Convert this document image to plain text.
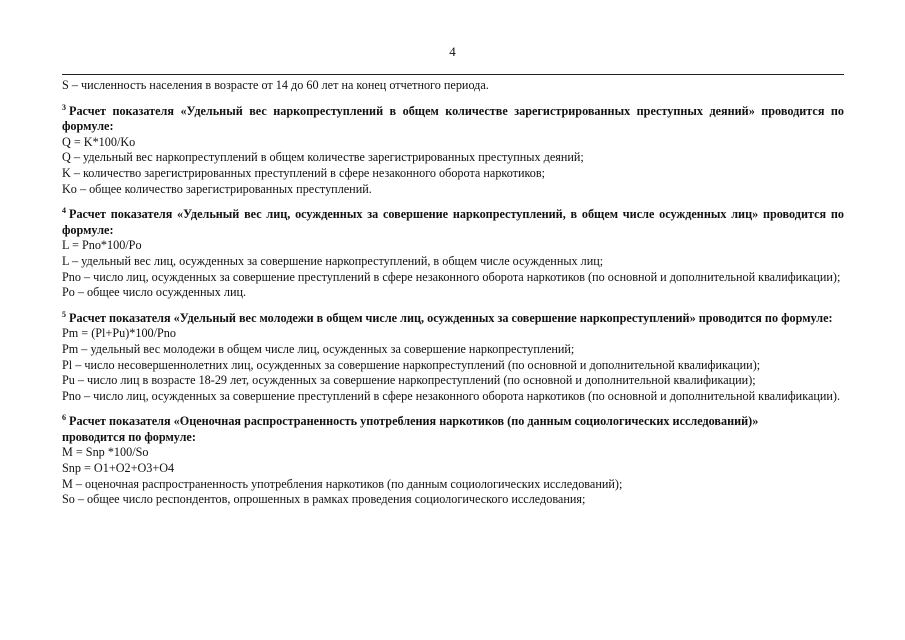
4

S – численность населения в возрасте от 14 до 60 лет на конец отчетного периода.

$^3$ Расчет показателя «Удельный вес наркопреступлений в общем количестве зарегистрированных преступных деяний» проводится по формуле:

Q = K*100/Ko

Q – удельный вес наркопреступлений в общем количестве зарегистрированных преступных деяний;

K – количество зарегистрированных преступлений в сфере незаконного оборота наркотиков;

Ko – общее количество зарегистрированных преступлений.

$^4$ Расчет показателя «Удельный вес лиц, осужденных за совершение наркопреступлений, в общем числе осужденных лиц» проводится по формуле:

L = Pno*100/Po

L – удельный вес лиц, осужденных за совершение наркопреступлений, в общем числе осужденных лиц;

Pno – число лиц, осужденных за совершение преступлений в сфере незаконного оборота наркотиков (по основной и дополнительной квалификации);

Po – общее число осужденных лиц.

$^5$ Расчет показателя «Удельный вес молодежи в общем числе лиц, осужденных за совершение наркопреступлений» проводится по формуле:

Pm = (Pl+Pu)*100/Pno

Pm – удельный вес молодежи в общем числе лиц, осужденных за совершение наркопреступлений;

Pl – число несовершеннолетних лиц, осужденных за совершение наркопреступлений (по основной и дополнительной квалификации);

Pu – число лиц в возрасте 18-29 лет, осужденных за совершение наркопреступлений (по основной и дополнительной квалификации);

Pno – число лиц, осужденных за совершение преступлений в сфере незаконного оборота наркотиков (по основной и дополнительной квалификации).

$^6$ Расчет показателя «Оценочная распространенность употребления наркотиков (по данным социологических исследований)»

проводится по формуле:

M = Snp *100/So

Snp = O1+O2+O3+O4

M – оценочная распространенность употребления наркотиков (по данным социологических исследований);

So – общее число респондентов, опрошенных в рамках проведения социологического исследования;
